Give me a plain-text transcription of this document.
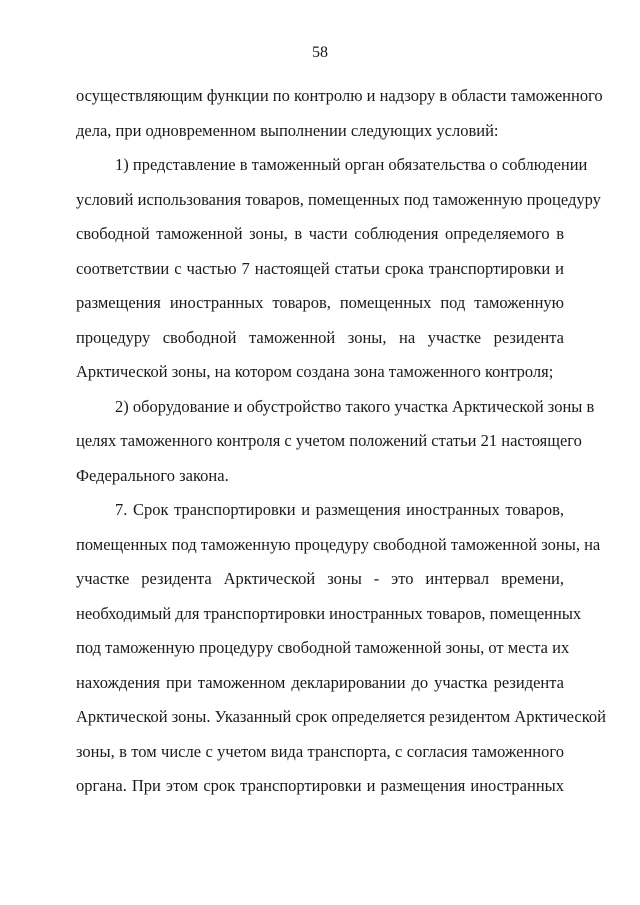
58
осуществляющим функции по контролю и надзору в области таможенного
дела, при одновременном выполнении следующих условий:
1) представление в таможенный орган обязательства о соблюдении
условий использования товаров, помещенных под таможенную процедуру
свободной таможенной зоны, в части соблюдения определяемого в
соответствии с частью 7 настоящей статьи срока транспортировки и
размещения иностранных товаров, помещенных под таможенную
процедуру свободной таможенной зоны, на участке резидента
Арктической зоны, на котором создана зона таможенного контроля;
2) оборудование и обустройство такого участка Арктической зоны в
целях таможенного контроля с учетом положений статьи 21 настоящего
Федерального закона.
7. Срок транспортировки и размещения иностранных товаров,
помещенных под таможенную процедуру свободной таможенной зоны, на
участке резидента Арктической зоны - это интервал времени,
необходимый для транспортировки иностранных товаров, помещенных
под таможенную процедуру свободной таможенной зоны, от места их
нахождения при таможенном декларировании до участка резидента
Арктической зоны. Указанный срок определяется резидентом Арктической
зоны, в том числе с учетом вида транспорта, с согласия таможенного
органа. При этом срок транспортировки и размещения иностранных
